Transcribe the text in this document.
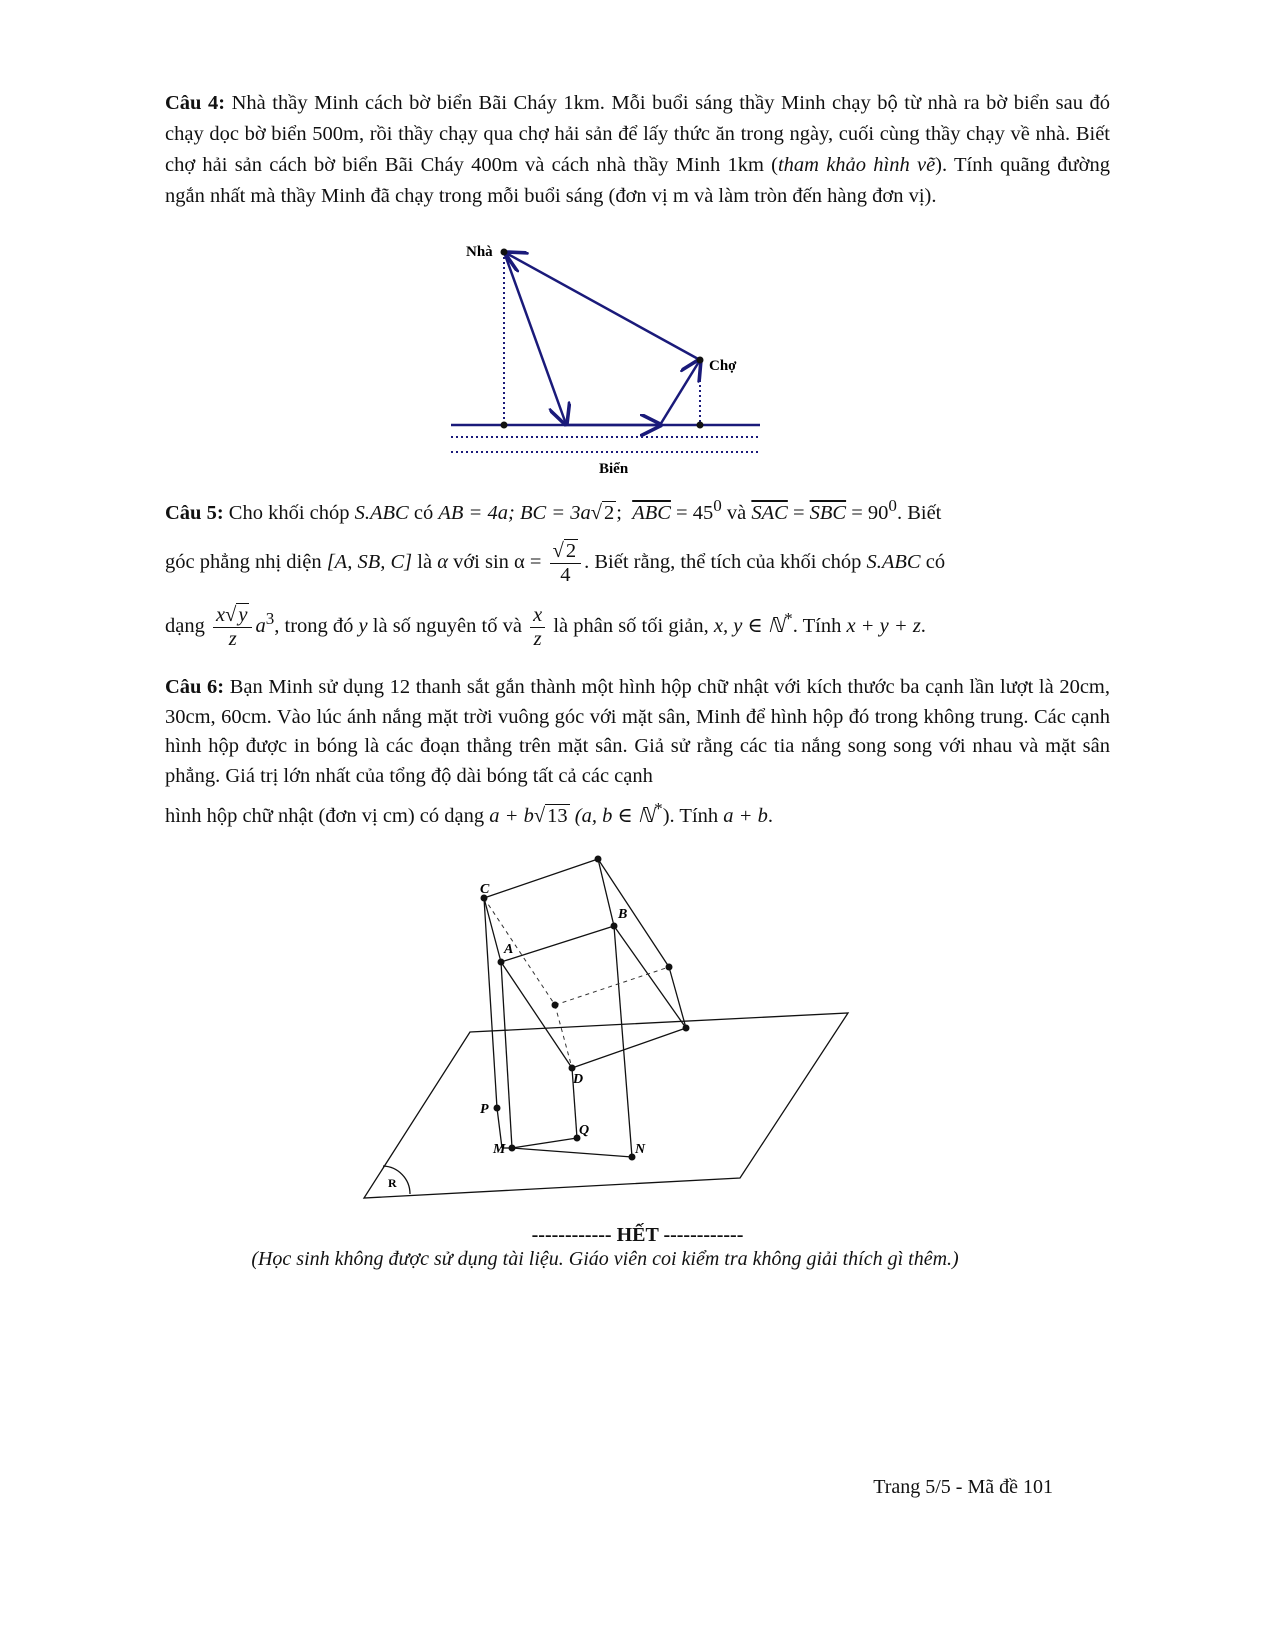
Câu 4: Nhà thầy Minh cách bờ biển Bãi Cháy 1km. Mỗi buổi sáng thầy Minh chạy bộ từ nhà ra bờ biển sau đó chạy dọc bờ biển 500m, rồi thầy chạy qua chợ hải sản để lấy thức ăn trong ngày, cuối cùng thầy chạy về nhà. Biết chợ hải sản cách bờ biển Bãi Cháy 400m và cách nhà thầy Minh 1km (tham khảo hình vẽ). Tính quãng đường ngắn nhất mà thầy Minh đã chạy trong mỗi buổi sáng (đơn vị m và làm tròn đến hàng đơn vị).
Nhà
Chợ
Biển
Câu 5: Cho khối chóp S.ABC có AB = 4a; BC = 3a√2;  $\overline{ABC} = 45^0$ và $\overline{SAC} = \overline{SBC} = 90^0$. Biết
góc phẳng nhị diện [A, SB, C] là α với $\sin \alpha = \frac{√2}{4}$ . Biết rằng, thể tích của khối chóp S.ABC có
dạng $\frac{x√y}{z} a^3$, trong đó y là số nguyên tố và $\frac{x}{z}$ là phân số tối giản, x, y ∈ ℕ*. Tính x + y + z.
Câu 6: Bạn Minh sử dụng 12 thanh sắt gắn thành một hình hộp chữ nhật với kích thước ba cạnh lần lượt là 20cm, 30cm, 60cm. Vào lúc ánh nắng mặt trời vuông góc với mặt sân, Minh để hình hộp đó trong không trung. Các cạnh hình hộp được in bóng là các đoạn thẳng trên mặt sân. Giả sử rằng các tia nắng song song với nhau và mặt sân phẳng. Giá trị lớn nhất của tổng độ dài bóng tất cả các cạnh
hình hộp chữ nhật (đơn vị cm) có dạng a + b√13 (a, b ∈ ℕ*). Tính a + b.
C
B
A
D
P
Q
M	N
R
------------ HẾT ------------
(Học sinh không được sử dụng tài liệu. Giáo viên coi kiểm tra không giải thích gì thêm.)
Trang 5/5 - Mã đề 101
